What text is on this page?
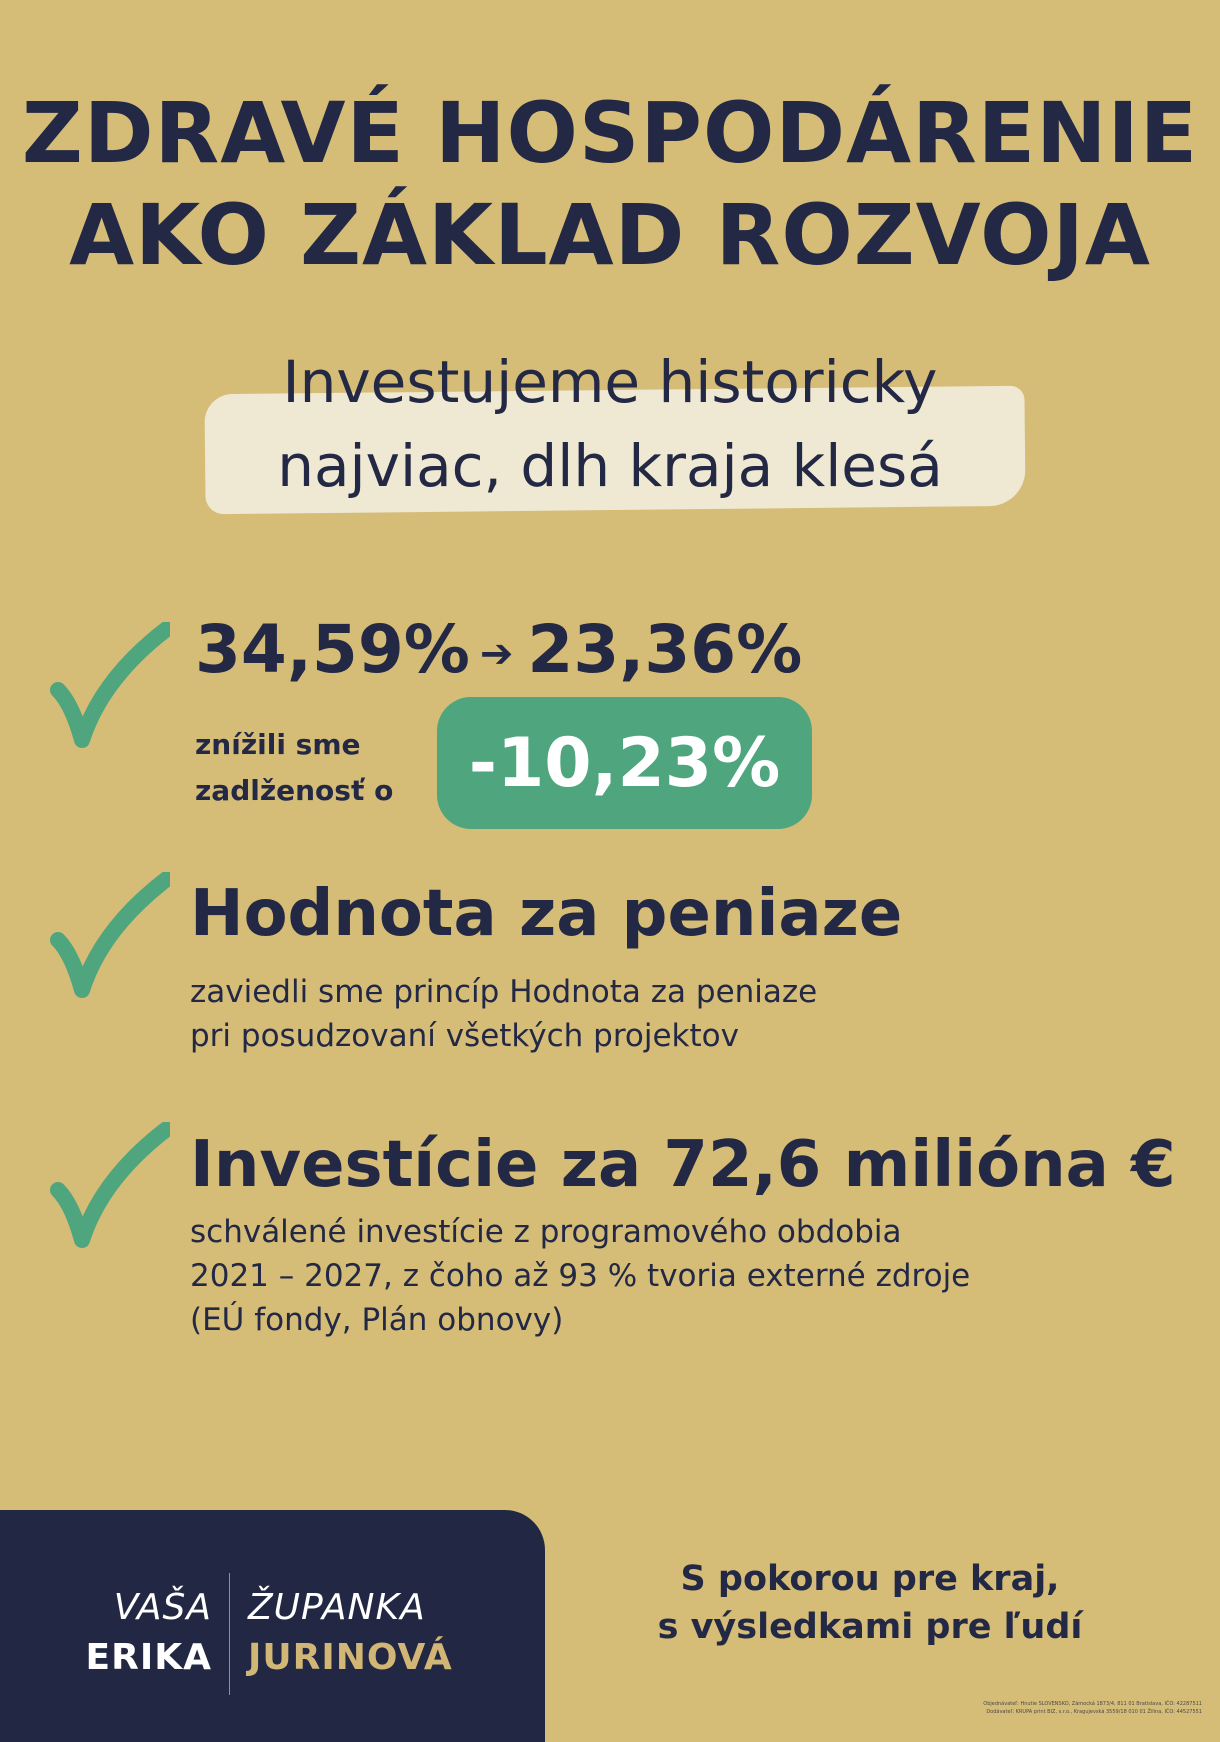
ZDRAVÉ HOSPODÁRENIE
AKO ZÁKLAD ROZVOJA
Investujeme historicky
najviac, dlh kraja klesá
34,59% ➔ 23,36%
znížili sme
zadlženosť o	-10,23%
Hodnota za peniaze
zaviedli sme princíp Hodnota za peniaze
pri posudzovaní všetkých projektov
Investície za 72,6 milióna €
schválené investície z programového obdobia
2021 – 2027, z čoho až 93 % tvoria externé zdroje
(EÚ fondy, Plán obnovy)
VAŠA
ERIKA
ŽUPANKA
JURINOVÁ
S pokorou pre kraj,
s výsledkami pre ľudí
Objednávateľ: Hnutie SLOVENSKO, Zámocká 1873/4, 811 01 Bratislava, IČO: 42287511
Dodávateľ: KRUPA print BIZ, s.r.o., Kragujevská 3559/18 010 01 Žilina, IČO: 44527551
